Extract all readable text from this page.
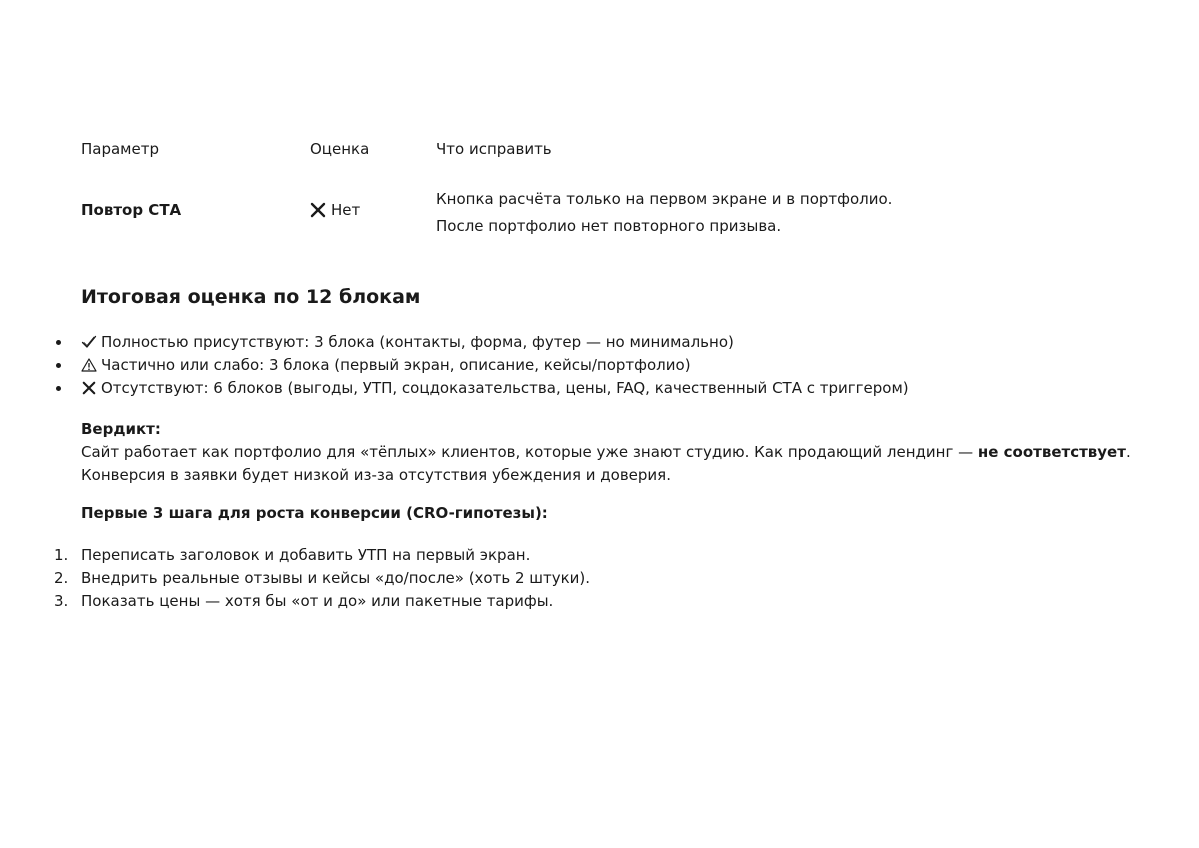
Параметр	Оценка	Что исправить
Повтор СТА	Нет
Кнопка расчёта только на первом экране и в портфолио.
После портфолио нет повторного призыва.
Итоговая оценка по 12 блокам
Полностью присутствуют: 3 блока (контакты, форма, футер — но минимально)
Частично или слабо: 3 блока (первый экран, описание, кейсы/портфолио)
Отсутствуют: 6 блоков (выгоды, УТП, соцдоказательства, цены, FAQ, качественный СТА с триггером)
Вердикт:
Сайт работает как портфолио для «тёплых» клиентов, которые уже знают студию. Как продающий лендинг — не соответствует.
Конверсия в заявки будет низкой из-за отсутствия убеждения и доверия.
Первые 3 шага для роста конверсии (CRO-гипотезы):
1. Переписать заголовок и добавить УТП на первый экран.
2. Внедрить реальные отзывы и кейсы «до/после» (хоть 2 штуки).
3. Показать цены — хотя бы «от и до» или пакетные тарифы.
